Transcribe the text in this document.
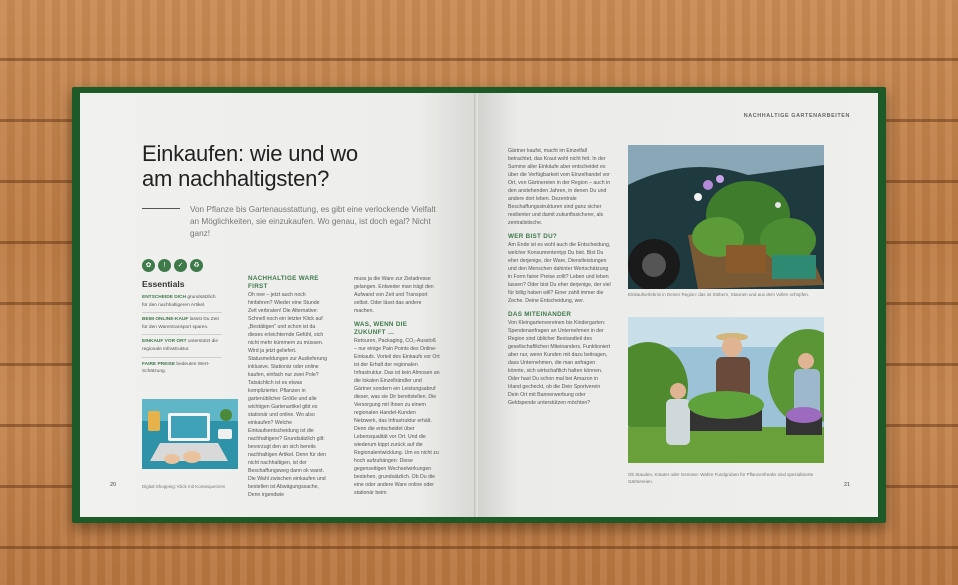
Einkaufen: wie und wo am nachhaltigsten?
Von Pflanze bis Gartenausstattung, es gibt eine verlockende Vielfalt an Möglichkeiten, sie einzukaufen. Wo genau, ist doch egal? Nicht ganz!
✿	!	✓	♻
Essentials
ENTSCHEIDE DICH grundsätzlich für den nachhaltigeren Artikel.
BEIM ONLINE-KAUF lassst Du Zeit für den Warentransport sparen.
EINKAUF VOR ORT unterstützt die regionale Infrastruktur.
FAIRE PREISE bedeuten Wert-Schätzung.
Digital Shopping: Klick mit Konsequenzen
NACHHALTIGE WARE FIRST
Oh nee – jetzt auch noch hinfahren? Wieder eine Stunde Zeit verbraten! Die Alternative: Schnell noch ein letzter Klick auf „Bestätigen" und schon ist da dieses erleichternde Gefühl, sich nicht mehr kümmern zu müssen. Wird ja jetzt geliefert. Statusmeldungen zur Auslieferung inklusive. Stationär oder online kaufen, einfach nur zwei Pole? Tatsächlich ist es etwas komplizierter. Pflanzen in gartenüblicher Größe und alle wichtigen Gartenartikel gibt es stationär und online. Wo also einkaufen? Welche Einkaufsentscheidung ist die nachhaltigere? Grundsätzlich gilt: bevorzugt den an sich bereits nachhaltigen Artikel. Denn für den nicht nachhaltigen, ist der Beschaffungsweg dann ok warst. Die Wahl zwischen einkaufen und bestellen ist Abwägungssache, Denn irgendwie
muss ja die Ware zur Zieladresse gelangen. Entweder man trägt den Aufwand von Zeit und Transport selbst. Oder lässt das andere machen.
WAS, WENN DIE ZUKUNFT …
Retouren, Packaging, CO₂-Ausstoß – nur einige Pain Points des Online-Einkaufs. Vorteil des Einkaufs vor Ort ist der Erhalt der regionalen Infrastruktur. Das ist kein Almosen an die lokalen Einzelhändler und Gärtner sondern ein Leistungsabruf dieser, was sie Dir bereitstellen. Die Versorgung mit Ihnen zu einem regionalen Handel-Kunden Netzwerk, das Infrastruktur erhält. Denn die entscheidet über Lebensqualität vor Ort. Und die wiederum kippt zurück auf die Regionalentwicklung. Um es nicht zu hoch aufzuhängen: Diese gegenseitigen Wechselwirkungen bestehen, grundsätzlich. Ob Du die eine oder andere Ware online oder stationär beim
20
NACHHALTIGE GARTENARBEITEN
Gärtner kaufst, macht im Einzelfall betrachtet, das Kraut wohl nicht fett. In der Summe aller Einkäufe aber entscheidet es über die Verfügbarkeit vom Einzelhandel vor Ort, von Gärtnereien in der Region – auch in den anstehenden Jahren, in denen Du und andere dort leben. Dezentrale Beschaffungsstrukturen sind ganz sicher resilienter und damit zukunftssicherer, als zentralistische.
WER BIST DU?
Am Ende ist es wohl auch die Entscheidung, welcher Konsumententyp Du bist. Bist Du eher derjenige, der Ware, Dienstleistungen und den Menschen dahinter Wertschätzung in Form fairer Preise zollt? Leben und leben lassen? Oder bist Du eher derjenige, der viel für billig haben will? Einer zahlt immer die Zeche. Deine Entscheidung, wer.
DAS MITEINANDER
Von Kleingartenvereinen bis Kindergarten: Spendenanfragen an Unternehmen in der Region sind üblicher Bestandteil des gesellschaftlichen Miteinanders. Funktioniert aber nur, wenn Kunden mit dazu beitragen, dass Unternehmen, die man anfragen könnte, sich wirtschaftlich halten können. Oder hast Du schon mal bei Amazon in Irland gecheckt, ob die Dein Sportverein Dein Ort mit Bannerwerbung oder Geldspende unterstützen möchten?
Einkaufserlebnis in Deiner Region: das ist Stöbern, Staunen und aus dem Vollen schöpfen.
Ob Stauden, Kräuter oder Gemüse: Wahre Fundgruben für Pflanzenfreaks sind spezialisierte Gärtnereien.
21
